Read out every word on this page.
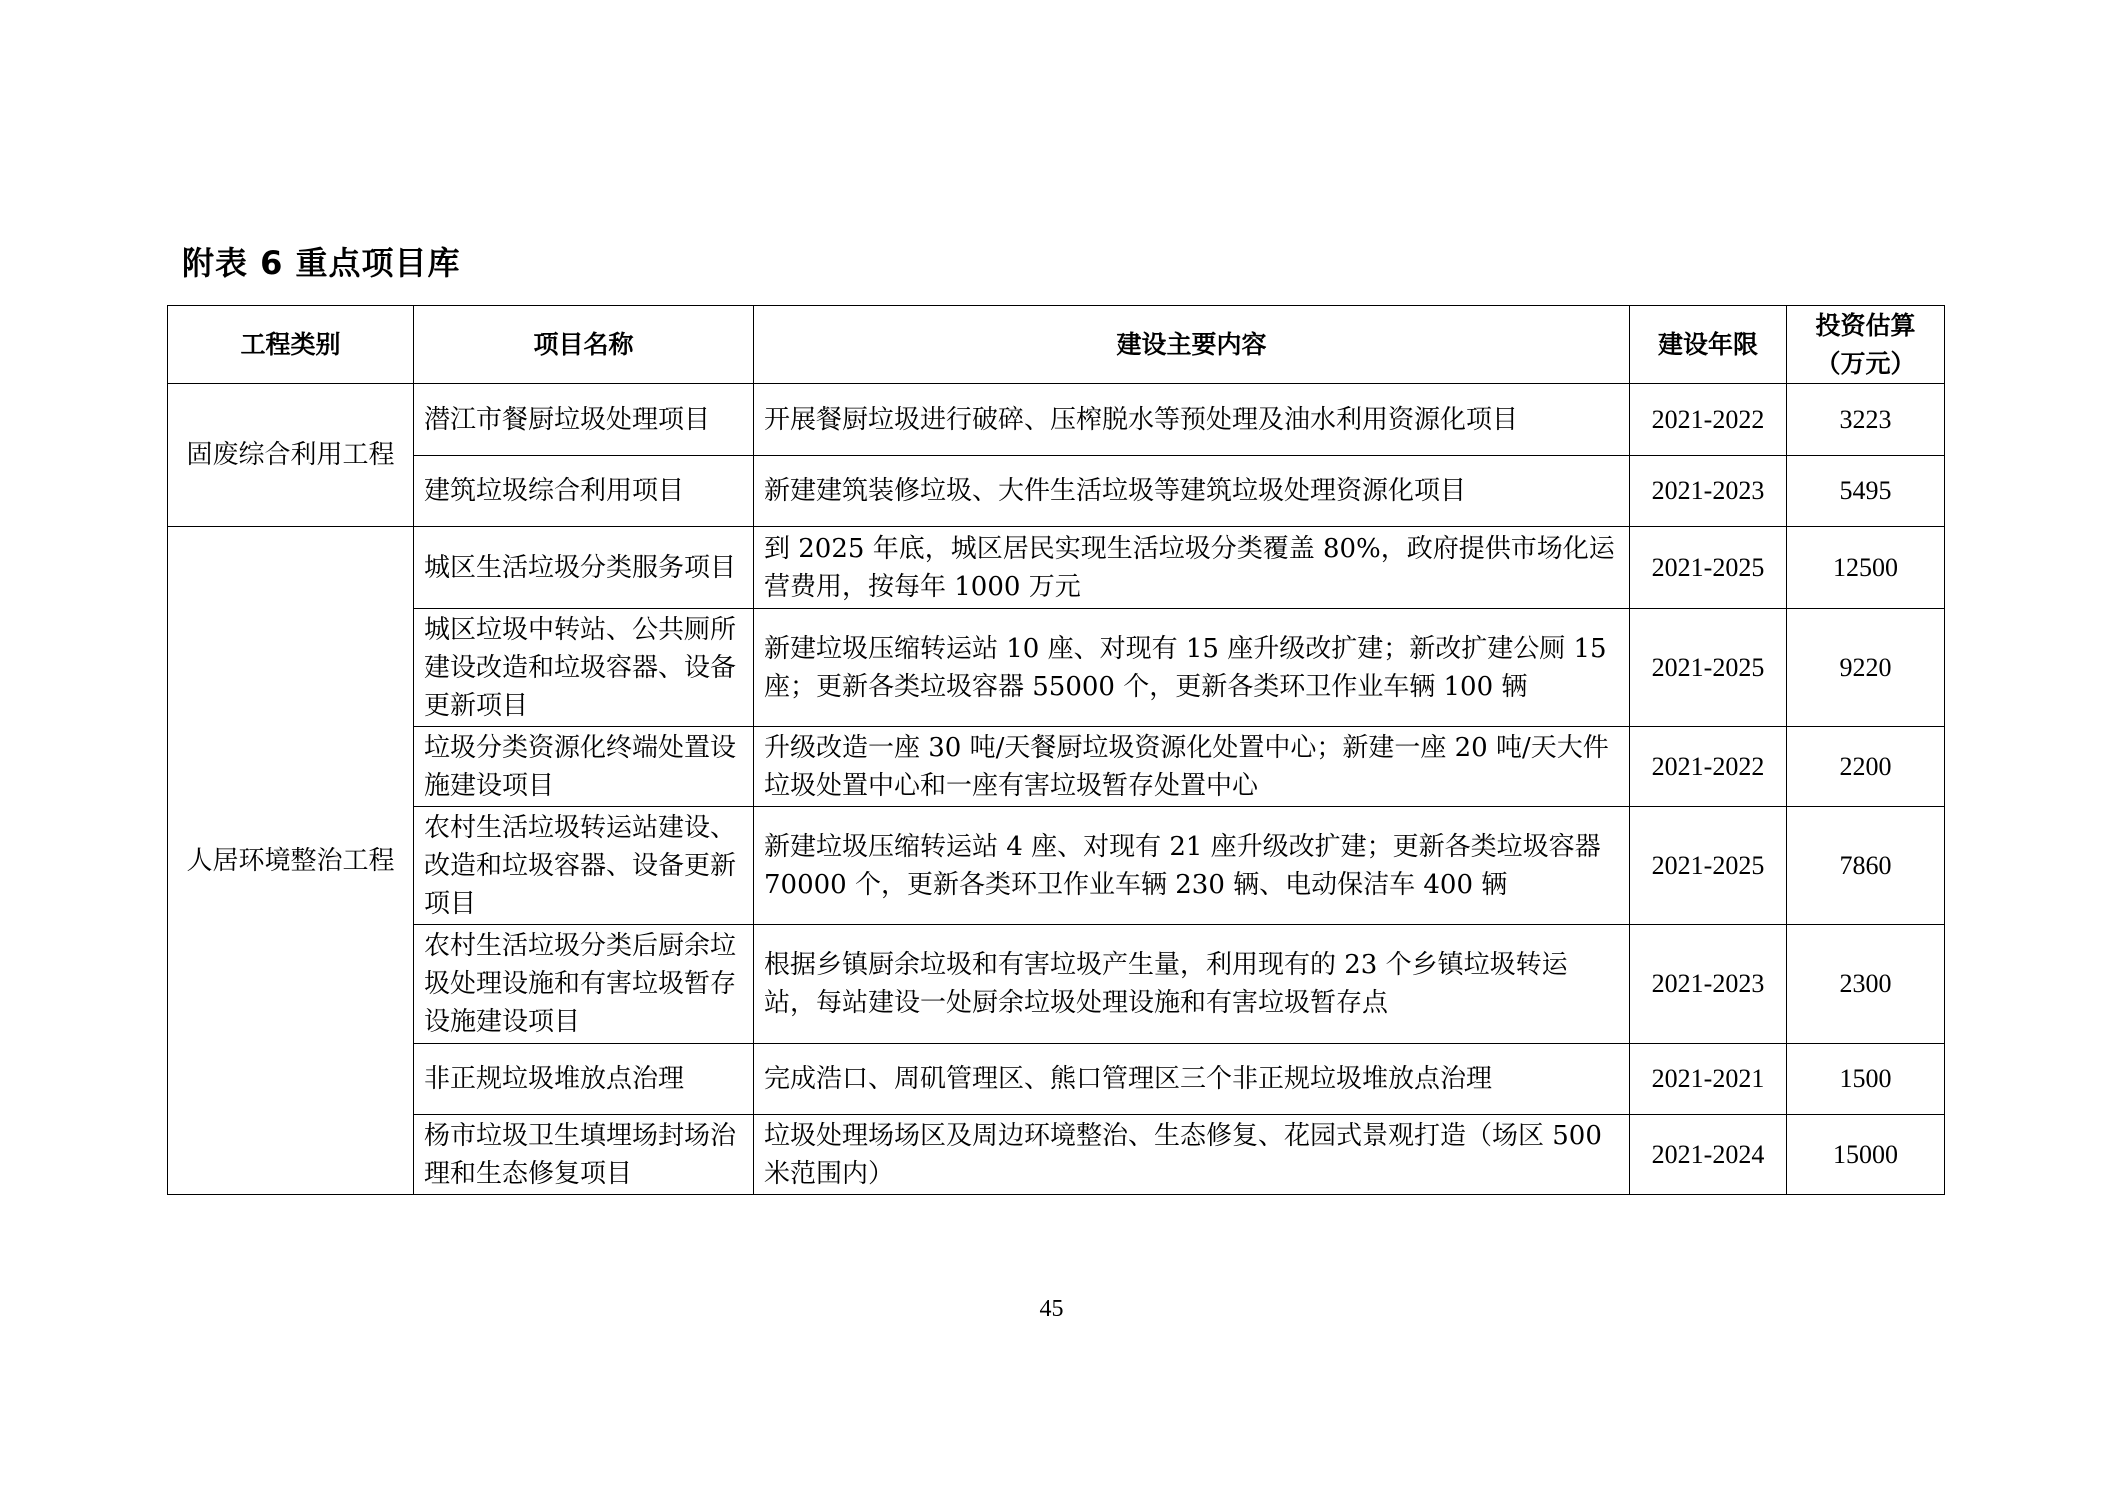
附表 6 重点项目库
工程类别	项目名称	建设主要内容	建设年限	投资估算
（万元）

固废综合利用工程	潜江市餐厨垃圾处理项目	开展餐厨垃圾进行破碎、压榨脱水等预处理及油水利用资源化项目	2021-2022	3223
	建筑垃圾综合利用项目	新建建筑装修垃圾、大件生活垃圾等建筑垃圾处理资源化项目	2021-2023	5495
人居环境整治工程	城区生活垃圾分类服务项目	到 2025 年底，城区居民实现生活垃圾分类覆盖 80%，政府提供市场化运营费用，按每年 1000 万元	2021-2025	12500
	城区垃圾中转站、公共厕所建设改造和垃圾容器、设备更新项目	新建垃圾压缩转运站 10 座、对现有 15 座升级改扩建；新改扩建公厕 15 座；更新各类垃圾容器 55000 个，更新各类环卫作业车辆 100 辆	2021-2025	9220
	垃圾分类资源化终端处置设施建设项目	升级改造一座 30 吨/天餐厨垃圾资源化处置中心；新建一座 20 吨/天大件垃圾处置中心和一座有害垃圾暂存处置中心	2021-2022	2200
	农村生活垃圾转运站建设、改造和垃圾容器、设备更新项目	新建垃圾压缩转运站 4 座、对现有 21 座升级改扩建；更新各类垃圾容器 70000 个，更新各类环卫作业车辆 230 辆、电动保洁车 400 辆	2021-2025	7860
	农村生活垃圾分类后厨余垃圾处理设施和有害垃圾暂存设施建设项目	根据乡镇厨余垃圾和有害垃圾产生量，利用现有的 23 个乡镇垃圾转运站，每站建设一处厨余垃圾处理设施和有害垃圾暂存点	2021-2023	2300
	非正规垃圾堆放点治理	完成浩口、周矶管理区、熊口管理区三个非正规垃圾堆放点治理	2021-2021	1500
	杨市垃圾卫生填埋场封场治理和生态修复项目	垃圾处理场场区及周边环境整治、生态修复、花园式景观打造（场区 500 米范围内）	2021-2024	15000
45
